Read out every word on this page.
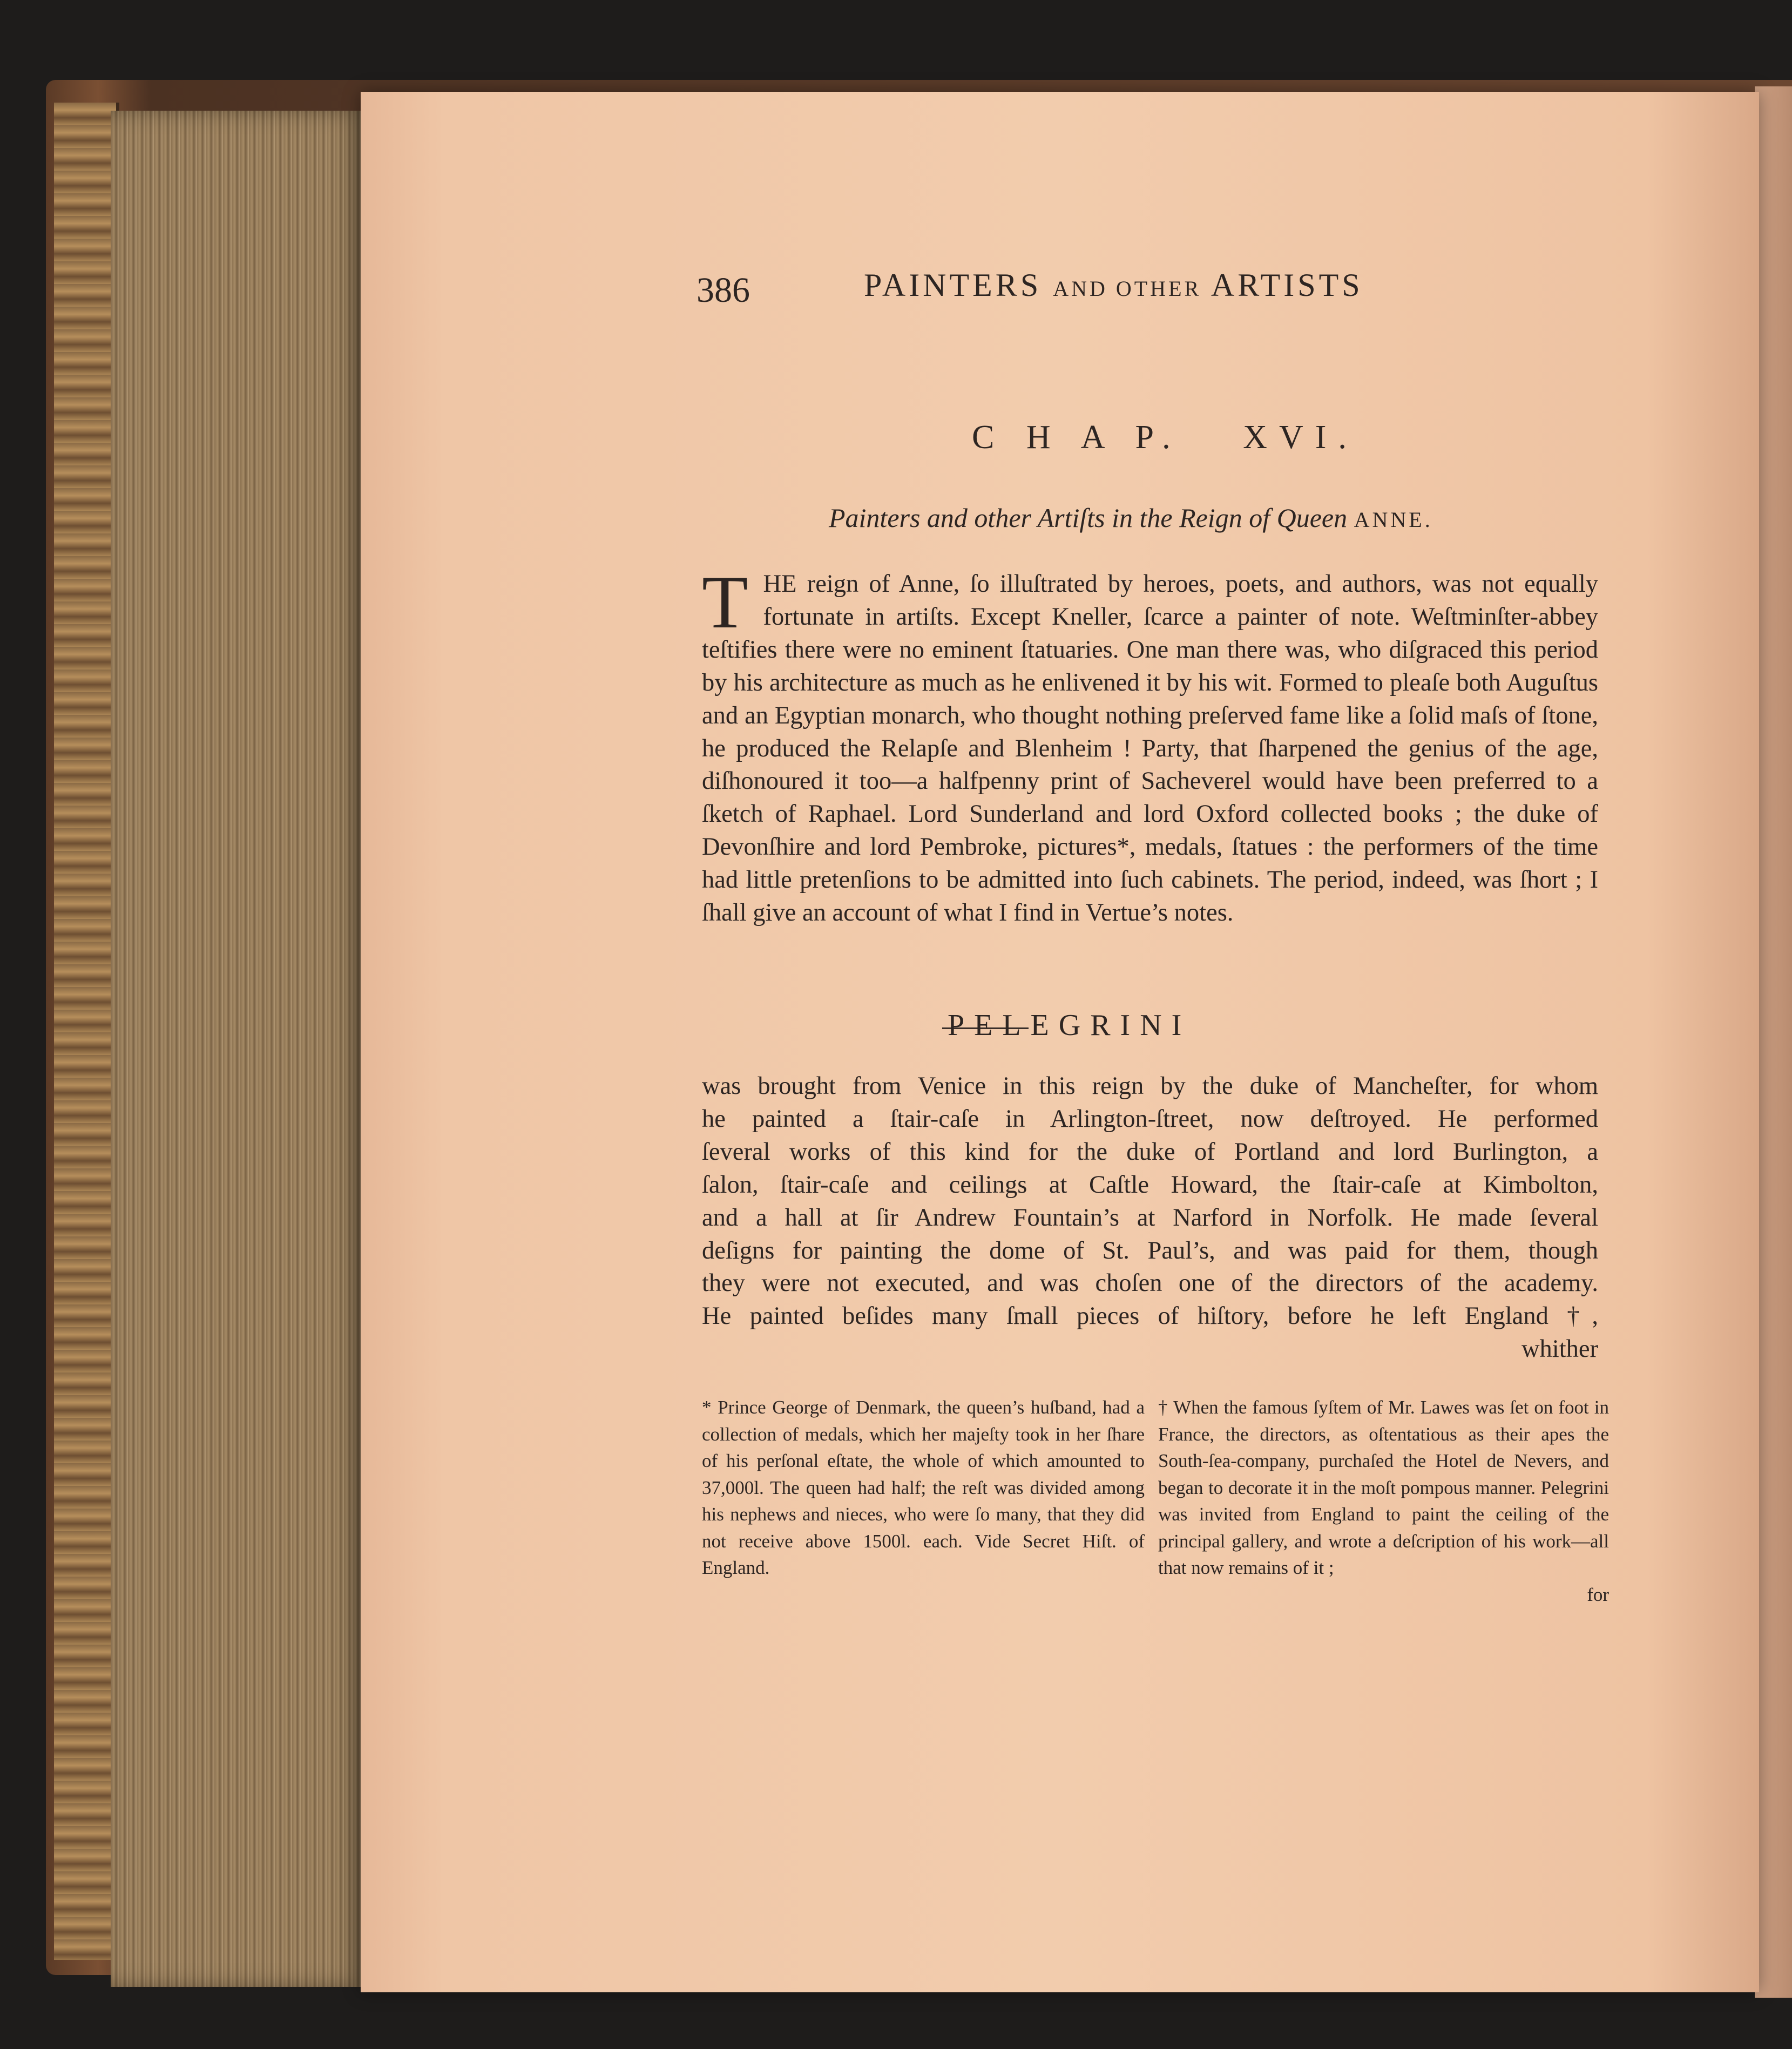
386	PAINTERS AND OTHER ARTISTS
C H A P.   XVI.
Painters and other Artiſts in the Reign of Queen ANNE.
T HE reign of Anne, ſo illuſtrated by heroes, poets, and authors, was not equally fortunate in artiſts. Except Kneller, ſcarce a painter of note. Weſtminſter-abbey teſtifies there were no eminent ſtatuaries. One man there was, who diſgraced this period by his architecture as much as he enlivened it by his wit. Formed to pleaſe both Auguſtus and an Egyptian monarch, who thought nothing preſerved fame like a ſolid maſs of ſtone, he produced the Relapſe and Blenheim ! Party, that ſharpened the genius of the age, diſhonoured it too—a halfpenny print of Sacheverel would have been preferred to a ſketch of Raphael. Lord Sunderland and lord Oxford collected books ; the duke of Devonſhire and lord Pembroke, pictures*, medals, ſtatues : the performers of the time had little pretenſions to be admitted into ſuch cabinets. The period, indeed, was ſhort ; I ſhall give an account of what I find in Vertue’s notes.

PELEGRINI
was brought from Venice in this reign by the duke of Mancheſter, for whom
he painted a ſtair-caſe in Arlington-ſtreet, now deſtroyed. He performed
ſeveral works of this kind for the duke of Portland and lord Burlington, a
ſalon, ſtair-caſe and ceilings at Caſtle Howard, the ſtair-caſe at Kimbolton,
and a hall at ſir Andrew Fountain’s at Narford in Norfolk. He made ſeveral
deſigns for painting the dome of St. Paul’s, and was paid for them, though
they were not executed, and was choſen one of the directors of the academy.
He painted beſides many ſmall pieces of hiſtory, before he left England †,
whither
* Prince George of Denmark, the queen’s huſband, had a collection of medals, which her majeſty took in her ſhare of his perſonal eſtate, the whole of which amounted to 37,000l. The queen had half; the reſt was divided among his nephews and nieces, who were ſo many, that they did not receive above 1500l. each. Vide Secret Hiſt. of England.
† When the famous ſyſtem of Mr. Lawes was ſet on foot in France, the directors, as oſtentatious as their apes the South-ſea-company, purchaſed the Hotel de Nevers, and began to decorate it in the moſt pompous manner. Pelegrini was invited from England to paint the ceiling of the principal gallery, and wrote a deſcription of his work—all that now remains of it ;
for
